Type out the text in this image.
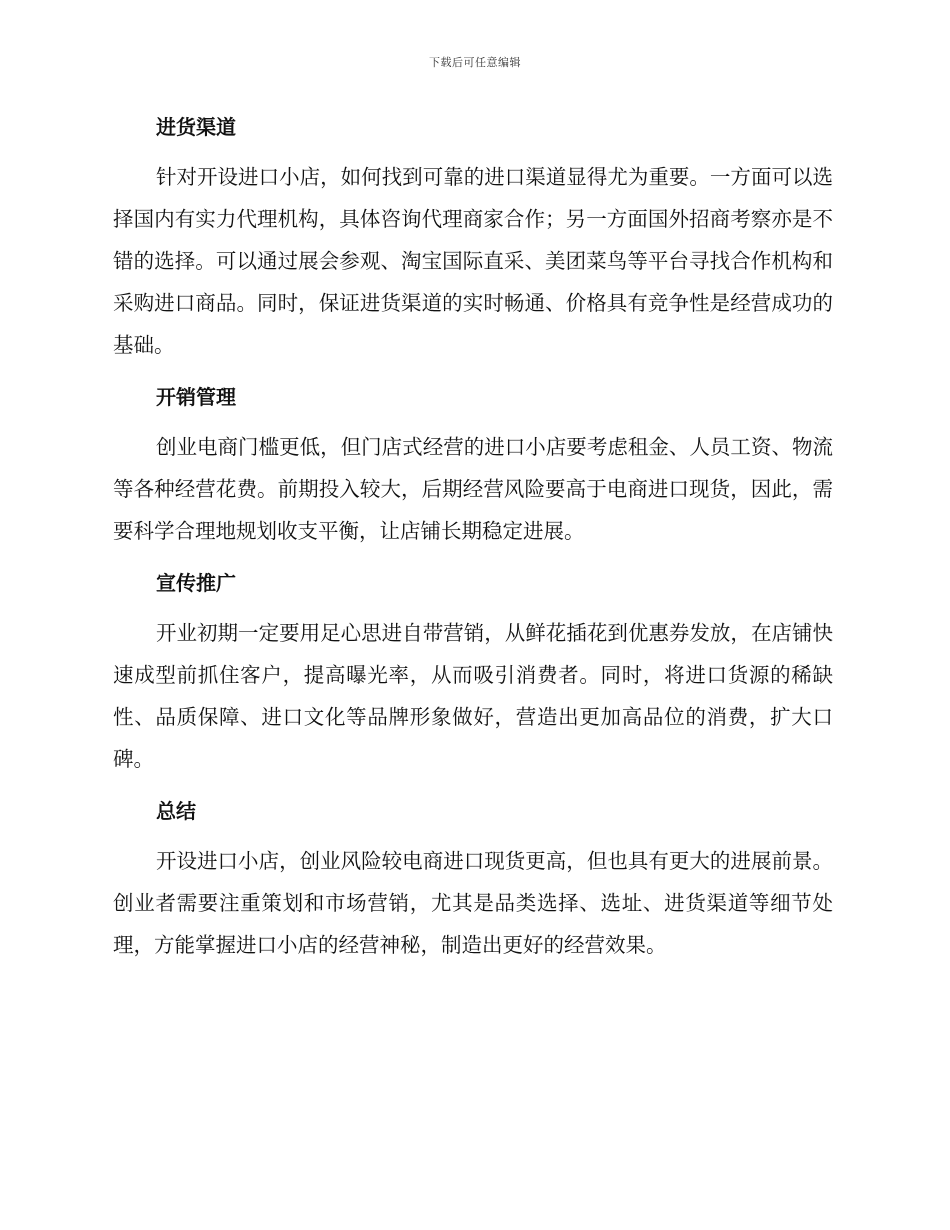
下载后可任意编辑
进货渠道

针对开设进口小店，如何找到可靠的进口渠道显得尤为重要。一方面可以选择国内有实力代理机构，具体咨询代理商家合作；另一方面国外招商考察亦是不错的选择。可以通过展会参观、淘宝国际直采、美团菜鸟等平台寻找合作机构和采购进口商品。同时，保证进货渠道的实时畅通、价格具有竞争性是经营成功的基础。

开销管理

创业电商门槛更低，但门店式经营的进口小店要考虑租金、人员工资、物流等各种经营花费。前期投入较大，后期经营风险要高于电商进口现货，因此，需要科学合理地规划收支平衡，让店铺长期稳定进展。

宣传推广

开业初期一定要用足心思进自带营销，从鲜花插花到优惠券发放，在店铺快速成型前抓住客户，提高曝光率，从而吸引消费者。同时，将进口货源的稀缺性、品质保障、进口文化等品牌形象做好，营造出更加高品位的消费，扩大口碑。

总结

开设进口小店，创业风险较电商进口现货更高，但也具有更大的进展前景。创业者需要注重策划和市场营销，尤其是品类选择、选址、进货渠道等细节处理，方能掌握进口小店的经营神秘，制造出更好的经营效果。
